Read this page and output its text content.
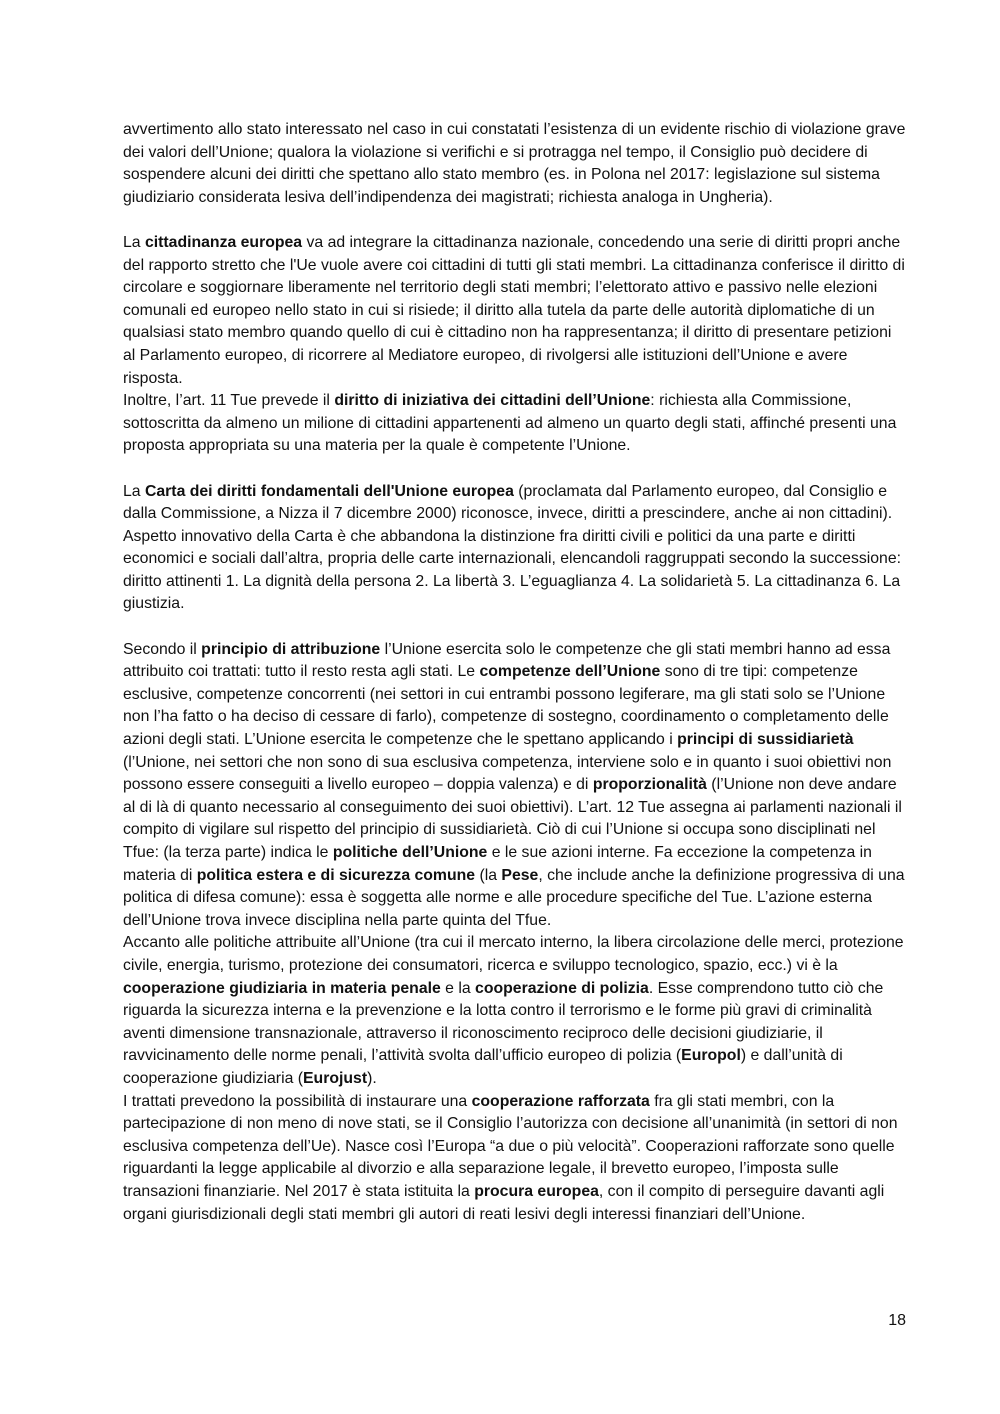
avvertimento allo stato interessato nel caso in cui constatati l’esistenza di un evidente rischio di violazione grave dei valori dell’Unione; qualora la violazione si verifichi e si protragga nel tempo, il Consiglio può decidere di sospendere alcuni dei diritti che spettano allo stato membro (es. in Polona nel 2017: legislazione sul sistema giudiziario considerata lesiva dell’indipendenza dei magistrati; richiesta analoga in Ungheria).

La cittadinanza europea va ad integrare la cittadinanza nazionale, concedendo una serie di diritti propri anche del rapporto stretto che l'Ue vuole avere coi cittadini di tutti gli stati membri. La cittadinanza conferisce il diritto di circolare e soggiornare liberamente nel territorio degli stati membri; l’elettorato attivo e passivo nelle elezioni comunali ed europeo nello stato in cui si risiede; il diritto alla tutela da parte delle autorità diplomatiche di un qualsiasi stato membro quando quello di cui è cittadino non ha rappresentanza; il diritto di presentare petizioni al Parlamento europeo, di ricorrere al Mediatore europeo, di rivolgersi alle istituzioni dell’Unione e avere risposta.

Inoltre, l’art. 11 Tue prevede il diritto di iniziativa dei cittadini dell’Unione: richiesta alla Commissione, sottoscritta da almeno un milione di cittadini appartenenti ad almeno un quarto degli stati, affinché presenti una proposta appropriata su una materia per la quale è competente l’Unione.

La Carta dei diritti fondamentali dell'Unione europea (proclamata dal Parlamento europeo, dal Consiglio e dalla Commissione, a Nizza il 7 dicembre 2000) riconosce, invece, diritti a prescindere, anche ai non cittadini). Aspetto innovativo della Carta è che abbandona la distinzione fra diritti civili e politici da una parte e diritti economici e sociali dall’altra, propria delle carte internazionali, elencandoli raggruppati secondo la successione: diritto attinenti 1. La dignità della persona 2. La libertà 3. L’eguaglianza 4. La solidarietà 5. La cittadinanza 6. La giustizia.

Secondo il principio di attribuzione l’Unione esercita solo le competenze che gli stati membri hanno ad essa attribuito coi trattati: tutto il resto resta agli stati. Le competenze dell’Unione sono di tre tipi: competenze esclusive, competenze concorrenti (nei settori in cui entrambi possono legiferare, ma gli stati solo se l’Unione non l’ha fatto o ha deciso di cessare di farlo), competenze di sostegno, coordinamento o completamento delle azioni degli stati. L’Unione esercita le competenze che le spettano applicando i principi di sussidiarietà (l’Unione, nei settori che non sono di sua esclusiva competenza, interviene solo e in quanto i suoi obiettivi non possono essere conseguiti a livello europeo – doppia valenza) e di proporzionalità (l’Unione non deve andare al di là di quanto necessario al conseguimento dei suoi obiettivi). L’art. 12 Tue assegna ai parlamenti nazionali il compito di vigilare sul rispetto del principio di sussidiarietà. Ciò di cui l’Unione si occupa sono disciplinati nel Tfue: (la terza parte) indica le politiche dell’Unione e le sue azioni interne. Fa eccezione la competenza in materia di politica estera e di sicurezza comune (la Pese, che include anche la definizione progressiva di una politica di difesa comune): essa è soggetta alle norme e alle procedure specifiche del Tue. L’azione esterna dell’Unione trova invece disciplina nella parte quinta del Tfue.

Accanto alle politiche attribuite all’Unione (tra cui il mercato interno, la libera circolazione delle merci, protezione civile, energia, turismo, protezione dei consumatori, ricerca e sviluppo tecnologico, spazio, ecc.) vi è la cooperazione giudiziaria in materia penale e la cooperazione di polizia. Esse comprendono tutto ciò che riguarda la sicurezza interna e la prevenzione e la lotta contro il terrorismo e le forme più gravi di criminalità aventi dimensione transnazionale, attraverso il riconoscimento reciproco delle decisioni giudiziarie, il ravvicinamento delle norme penali, l’attività svolta dall’ufficio europeo di polizia (Europol) e dall’unità di cooperazione giudiziaria (Eurojust).

I trattati prevedono la possibilità di instaurare una cooperazione rafforzata fra gli stati membri, con la partecipazione di non meno di nove stati, se il Consiglio l’autorizza con decisione all’unanimità (in settori di non esclusiva competenza dell’Ue). Nasce così l’Europa “a due o più velocità”. Cooperazioni rafforzate sono quelle riguardanti la legge applicabile al divorzio e alla separazione legale, il brevetto europeo, l’imposta sulle transazioni finanziarie. Nel 2017 è stata istituita la procura europea, con il compito di perseguire davanti agli organi giurisdizionali degli stati membri gli autori di reati lesivi degli interessi finanziari dell’Unione.

18
